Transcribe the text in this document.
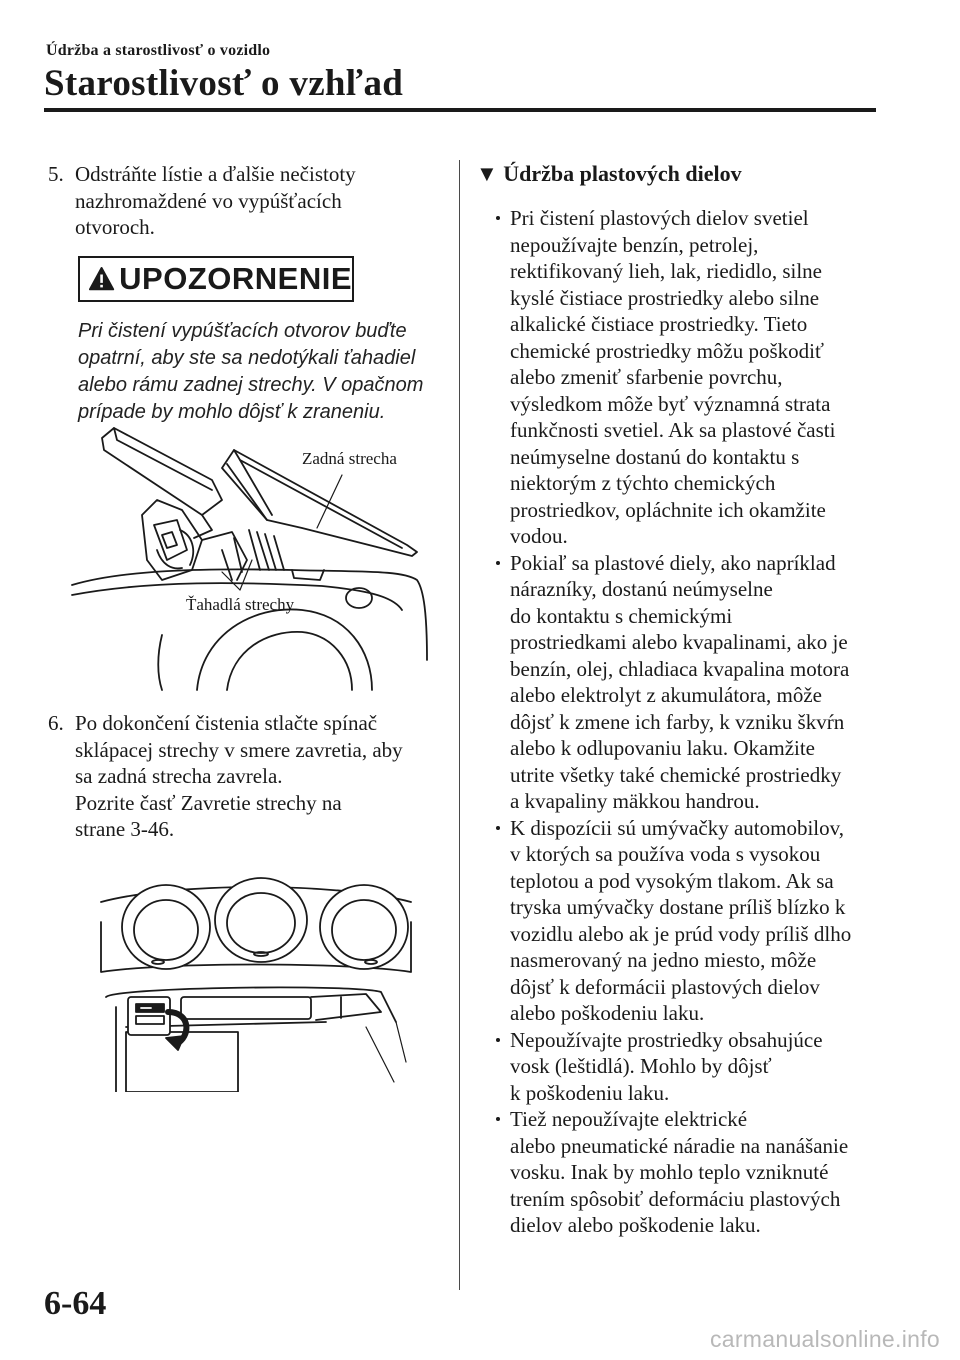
Údržba a starostlivosť o vozidlo
Starostlivosť o vzhľad
5. Odstráňte lístie a ďalšie nečistoty
nazhromaždené vo vypúšťacích
otvoroch.
UPOZORNENIE
Pri čistení vypúšťacích otvorov buďte
opatrní, aby ste sa nedotýkali ťahadiel
alebo rámu zadnej strechy. V opačnom
prípade by mohlo dôjsť k zraneniu.
Zadná strecha
Ťahadlá strechy
6. Po dokončení čistenia stlačte spínač
sklápacej strechy v smere zavretia, aby
sa zadná strecha zavrela.
Pozrite časť Zavretie strechy na
strane 3-46.
▼ Údržba plastových dielov
Pri čistení plastových dielov svetiel
nepoužívajte benzín, petrolej,
rektifikovaný lieh, lak, riedidlo, silne
kyslé čistiace prostriedky alebo silne
alkalické čistiace prostriedky. Tieto
chemické prostriedky môžu poškodiť
alebo zmeniť sfarbenie povrchu,
výsledkom môže byť významná strata
funkčnosti svetiel. Ak sa plastové časti
neúmyselne dostanú do kontaktu s
niektorým z týchto chemických
prostriedkov, opláchnite ich okamžite
vodou.
Pokiaľ sa plastové diely, ako napríklad
nárazníky, dostanú neúmyselne
do kontaktu s chemickými
prostriedkami alebo kvapalinami, ako je
benzín, olej, chladiaca kvapalina motora
alebo elektrolyt z akumulátora, môže
dôjsť k zmene ich farby, k vzniku škvŕn
alebo k odlupovaniu laku. Okamžite
utrite všetky také chemické prostriedky
a kvapaliny mäkkou handrou.
K dispozícii sú umývačky automobilov,
v ktorých sa používa voda s vysokou
teplotou a pod vysokým tlakom. Ak sa
tryska umývačky dostane príliš blízko k
vozidlu alebo ak je prúd vody príliš dlho
nasmerovaný na jedno miesto, môže
dôjsť k deformácii plastových dielov
alebo poškodeniu laku.
Nepoužívajte prostriedky obsahujúce
vosk (leštidlá). Mohlo by dôjsť
k poškodeniu laku.
Tiež nepoužívajte elektrické
alebo pneumatické náradie na nanášanie
vosku. Inak by mohlo teplo vzniknuté
trením spôsobiť deformáciu plastových
dielov alebo poškodenie laku.
6-64
carmanualsonline.info
